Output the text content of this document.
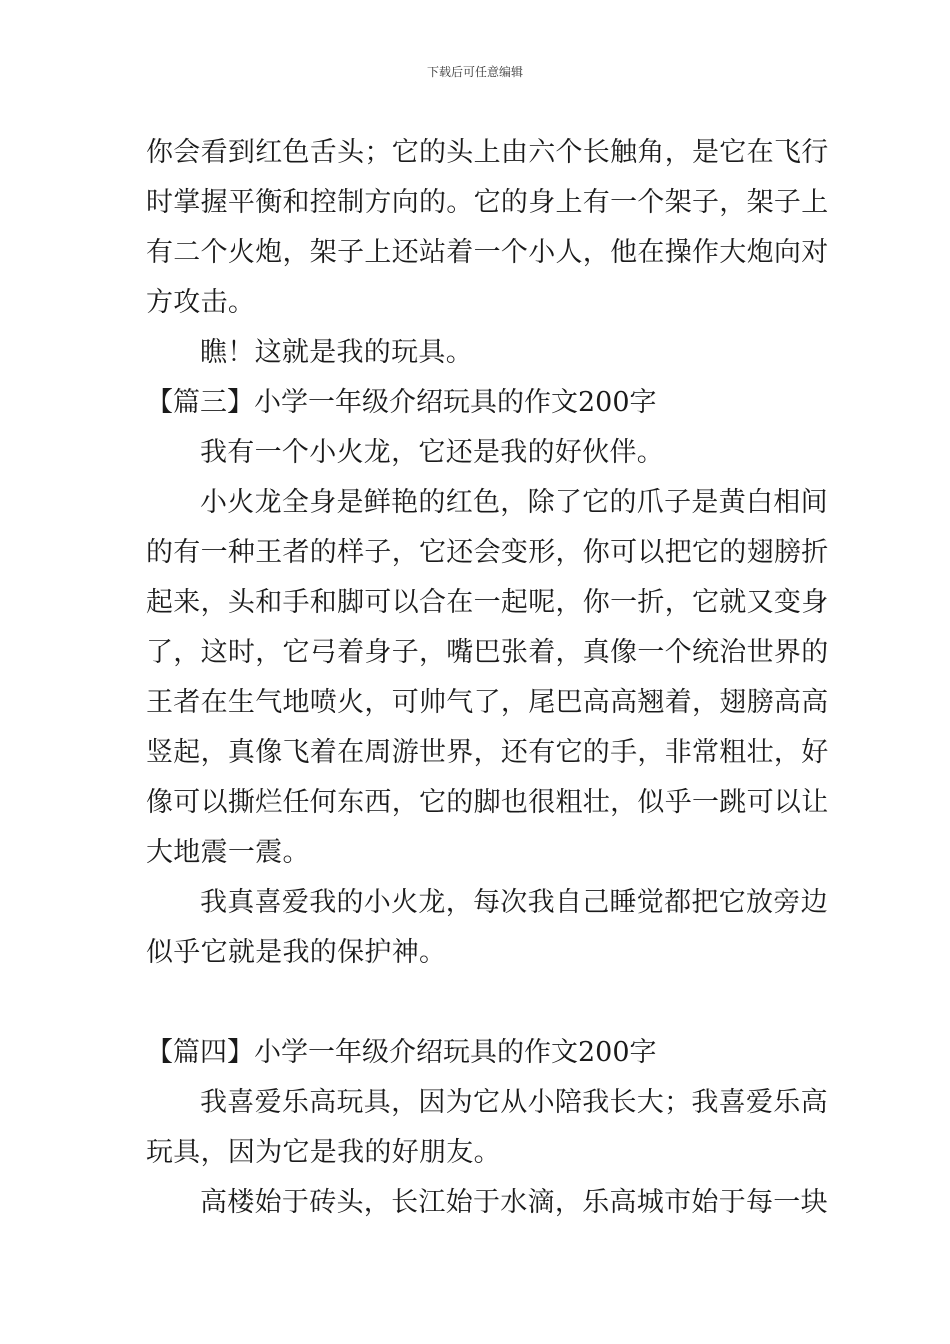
下载后可任意编辑
你会看到红色舌头；它的头上由六个长触角，是它在飞行
时掌握平衡和控制方向的。它的身上有一个架子，架子上
有二个火炮，架子上还站着一个小人，他在操作大炮向对
方攻击。
瞧！这就是我的玩具。
【篇三】小学一年级介绍玩具的作文200字
我有一个小火龙，它还是我的好伙伴。
小火龙全身是鲜艳的红色，除了它的爪子是黄白相间
的有一种王者的样子，它还会变形，你可以把它的翅膀折
起来，头和手和脚可以合在一起呢，你一折，它就又变身
了，这时，它弓着身子，嘴巴张着，真像一个统治世界的
王者在生气地喷火，可帅气了，尾巴高高翘着，翅膀高高
竖起，真像飞着在周游世界，还有它的手，非常粗壮，好
像可以撕烂任何东西，它的脚也很粗壮，似乎一跳可以让
大地震一震。
我真喜爱我的小火龙，每次我自己睡觉都把它放旁边
似乎它就是我的保护神。
【篇四】小学一年级介绍玩具的作文200字
我喜爱乐高玩具，因为它从小陪我长大；我喜爱乐高
玩具，因为它是我的好朋友。
高楼始于砖头，长江始于水滴，乐高城市始于每一块
